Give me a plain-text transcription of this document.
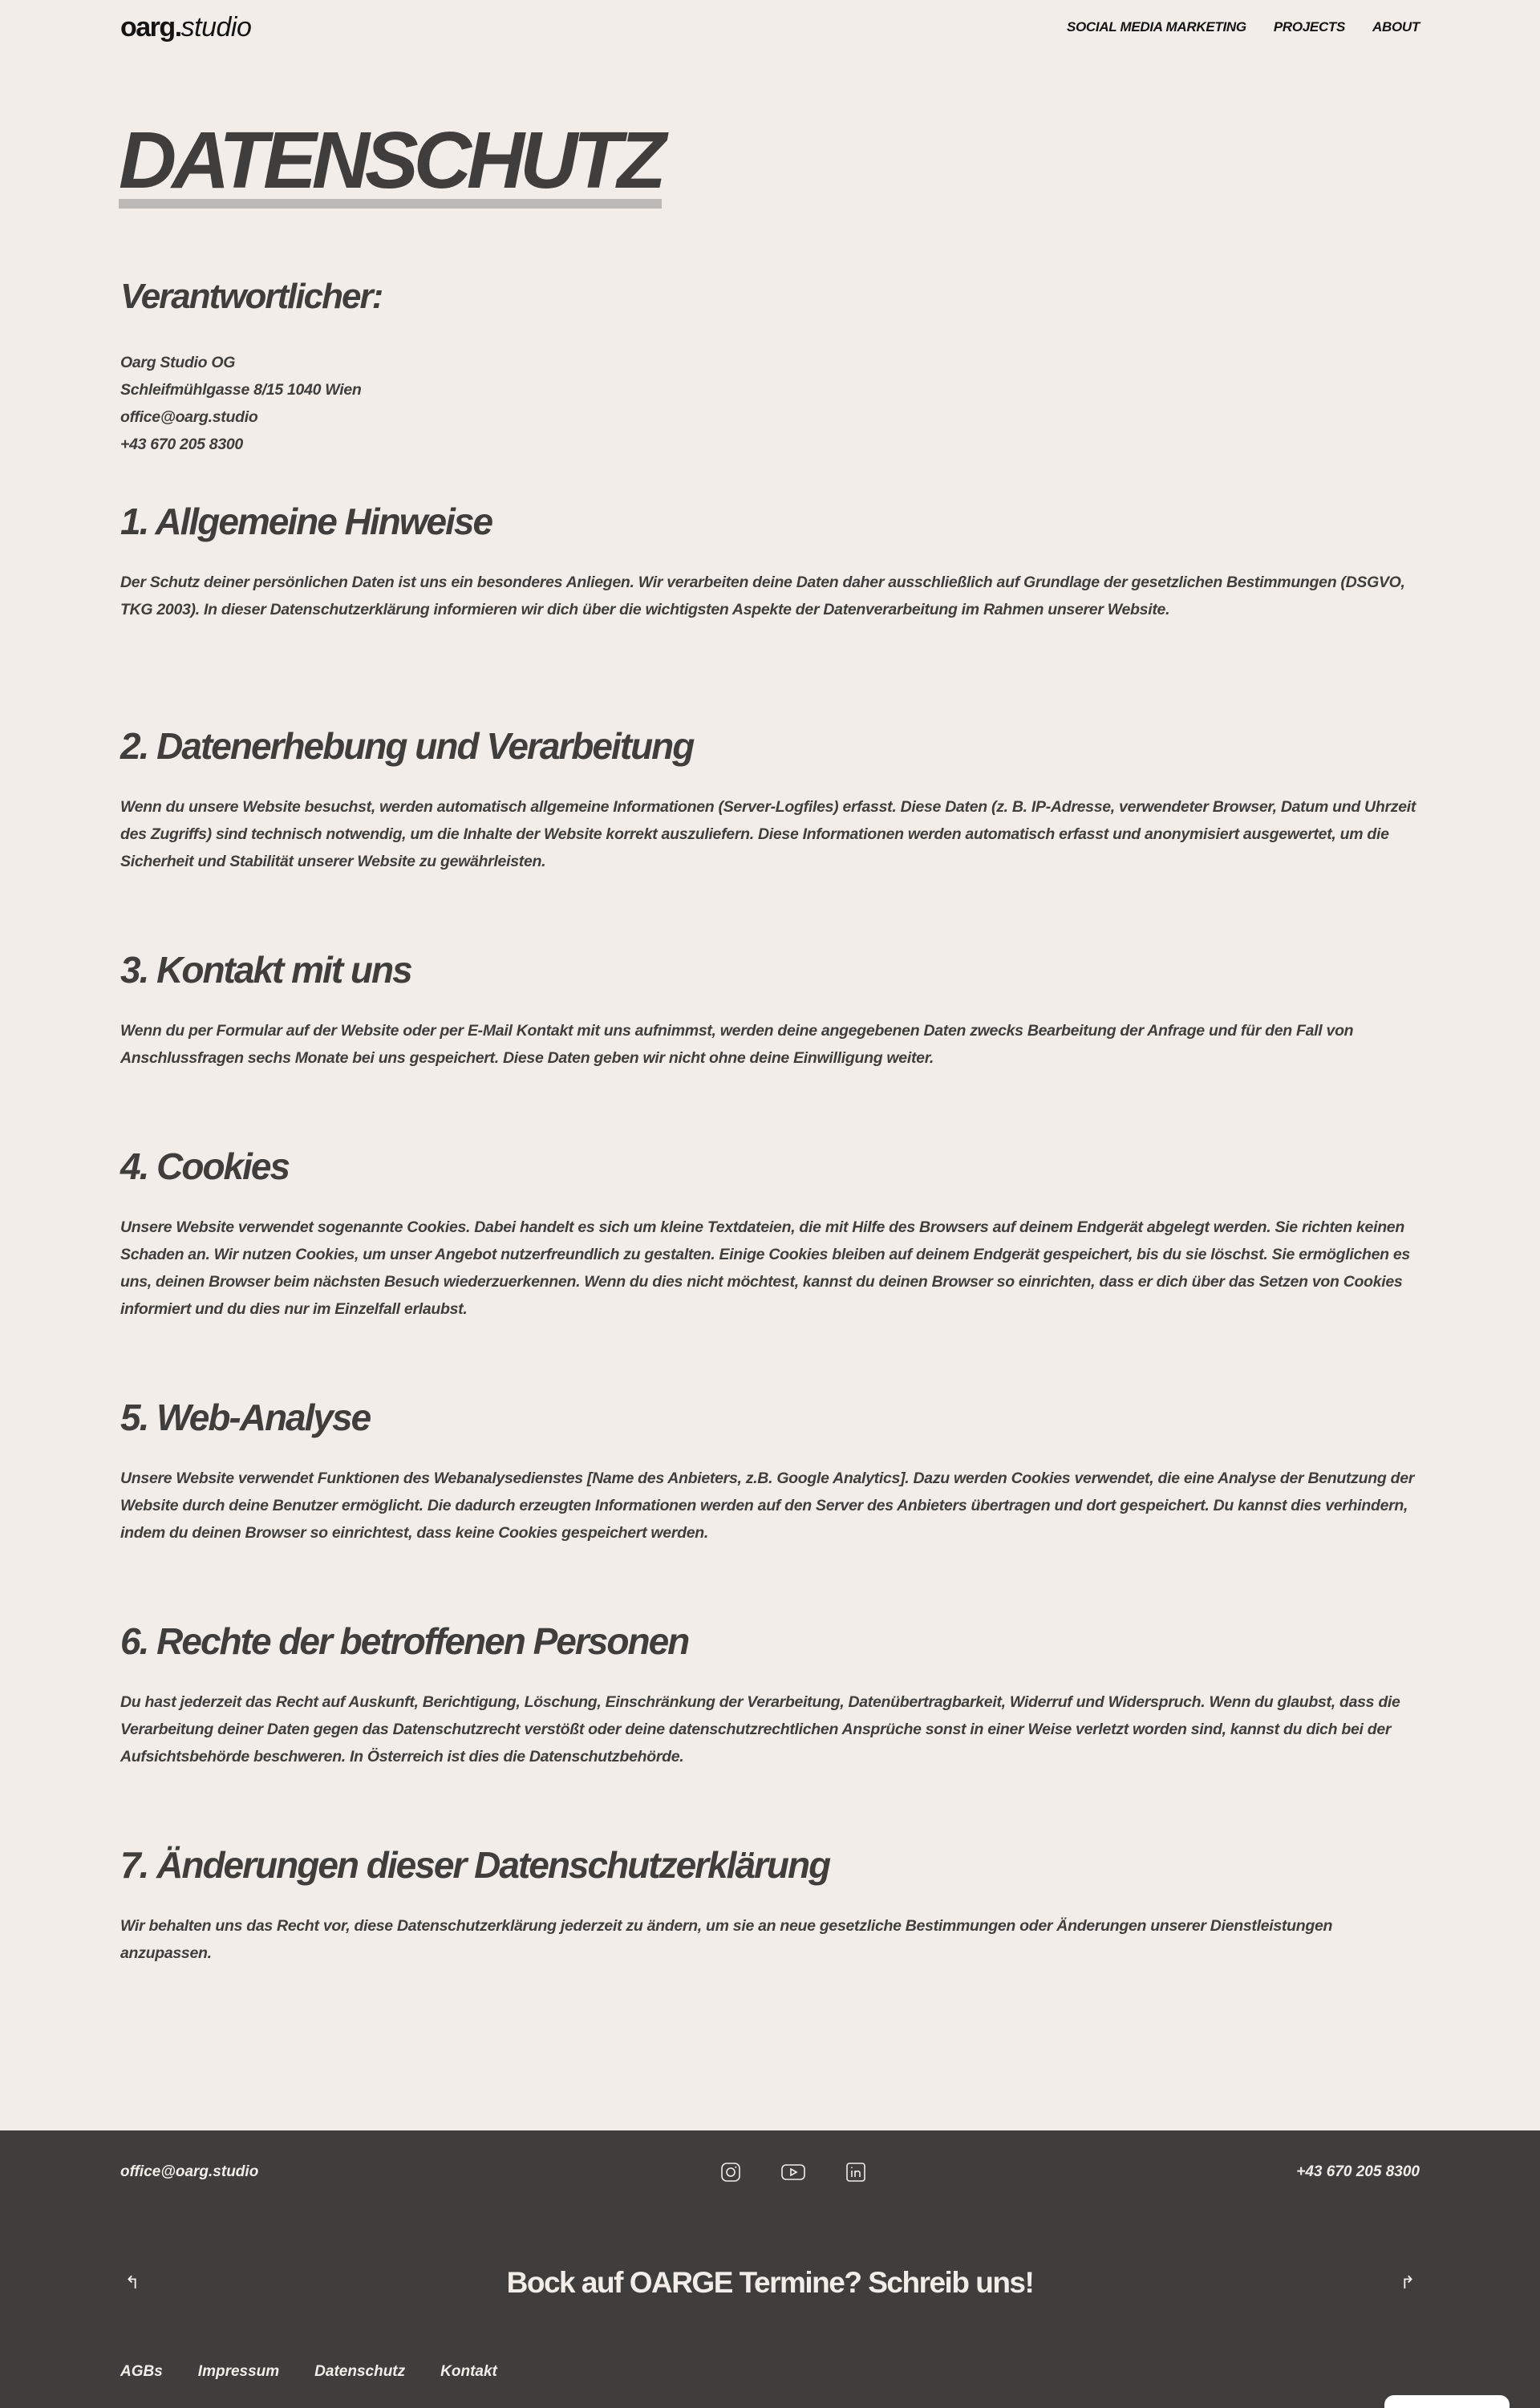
oarg.studio	SOCIAL MEDIA MARKETING PROJECTS ABOUT
DATENSCHUTZ
Verantwortlicher:
Oarg Studio OG
Schleifmühlgasse 8/15 1040 Wien
office@oarg.studio
+43 670 205 8300
1. Allgemeine Hinweise

Der Schutz deiner persönlichen Daten ist uns ein besonderes Anliegen. Wir verarbeiten deine Daten daher ausschließlich auf Grundlage der gesetzlichen Bestimmungen (DSGVO, TKG 2003). In dieser Datenschutzerklärung informieren wir dich über die wichtigsten Aspekte der Datenverarbeitung im Rahmen unserer Website.

2. Datenerhebung und Verarbeitung

Wenn du unsere Website besuchst, werden automatisch allgemeine Informationen (Server-Logfiles) erfasst. Diese Daten (z. B. IP-Adresse, verwendeter Browser, Datum und Uhrzeit des Zugriffs) sind technisch notwendig, um die Inhalte der Website korrekt auszuliefern. Diese Informationen werden automatisch erfasst und anonymisiert ausgewertet, um die Sicherheit und Stabilität unserer Website zu gewährleisten.

3. Kontakt mit uns

Wenn du per Formular auf der Website oder per E-Mail Kontakt mit uns aufnimmst, werden deine angegebenen Daten zwecks Bearbeitung der Anfrage und für den Fall von Anschlussfragen sechs Monate bei uns gespeichert. Diese Daten geben wir nicht ohne deine Einwilligung weiter.

4. Cookies

Unsere Website verwendet sogenannte Cookies. Dabei handelt es sich um kleine Textdateien, die mit Hilfe des Browsers auf deinem Endgerät abgelegt werden. Sie richten keinen Schaden an. Wir nutzen Cookies, um unser Angebot nutzerfreundlich zu gestalten. Einige Cookies bleiben auf deinem Endgerät gespeichert, bis du sie löschst. Sie ermöglichen es uns, deinen Browser beim nächsten Besuch wiederzuerkennen. Wenn du dies nicht möchtest, kannst du deinen Browser so einrichten, dass er dich über das Setzen von Cookies informiert und du dies nur im Einzelfall erlaubst.

5. Web-Analyse

Unsere Website verwendet Funktionen des Webanalysedienstes [Name des Anbieters, z.B. Google Analytics]. Dazu werden Cookies verwendet, die eine Analyse der Benutzung der Website durch deine Benutzer ermöglicht. Die dadurch erzeugten Informationen werden auf den Server des Anbieters übertragen und dort gespeichert. Du kannst dies verhindern, indem du deinen Browser so einrichtest, dass keine Cookies gespeichert werden.

6. Rechte der betroffenen Personen

Du hast jederzeit das Recht auf Auskunft, Berichtigung, Löschung, Einschränkung der Verarbeitung, Datenübertragbarkeit, Widerruf und Widerspruch. Wenn du glaubst, dass die Verarbeitung deiner Daten gegen das Datenschutzrecht verstößt oder deine datenschutzrechtlichen Ansprüche sonst in einer Weise verletzt worden sind, kannst du dich bei der Aufsichtsbehörde beschweren. In Österreich ist dies die Datenschutzbehörde.

7. Änderungen dieser Datenschutzerklärung

Wir behalten uns das Recht vor, diese Datenschutzerklärung jederzeit zu ändern, um sie an neue gesetzliche Bestimmungen oder Änderungen unserer Dienstleistungen anzupassen.

office@oarg.studio	+43 670 205 8300
↰	Bock auf OARGE Termine? Schreib uns!	↱
AGBs Impressum Datenschutz Kontakt
